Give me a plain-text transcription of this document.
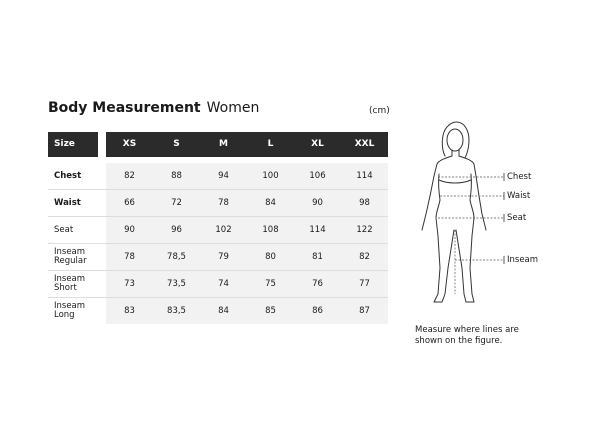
Body Measurement Women	(cm)
Size	XS	S	M	L	XL	XXL
Chest	82	88	94	100	106	114
Waist	66	72	78	84	90	98
Seat	90	96	102	108	114	122
Inseam
Regular	78	78,5	79	80	81	82
Inseam
Short	73	73,5	74	75	76	77
Inseam
Long	83	83,5	84	85	86	87
Chest
Waist
Seat
Inseam
Measure where lines are
shown on the figure.
